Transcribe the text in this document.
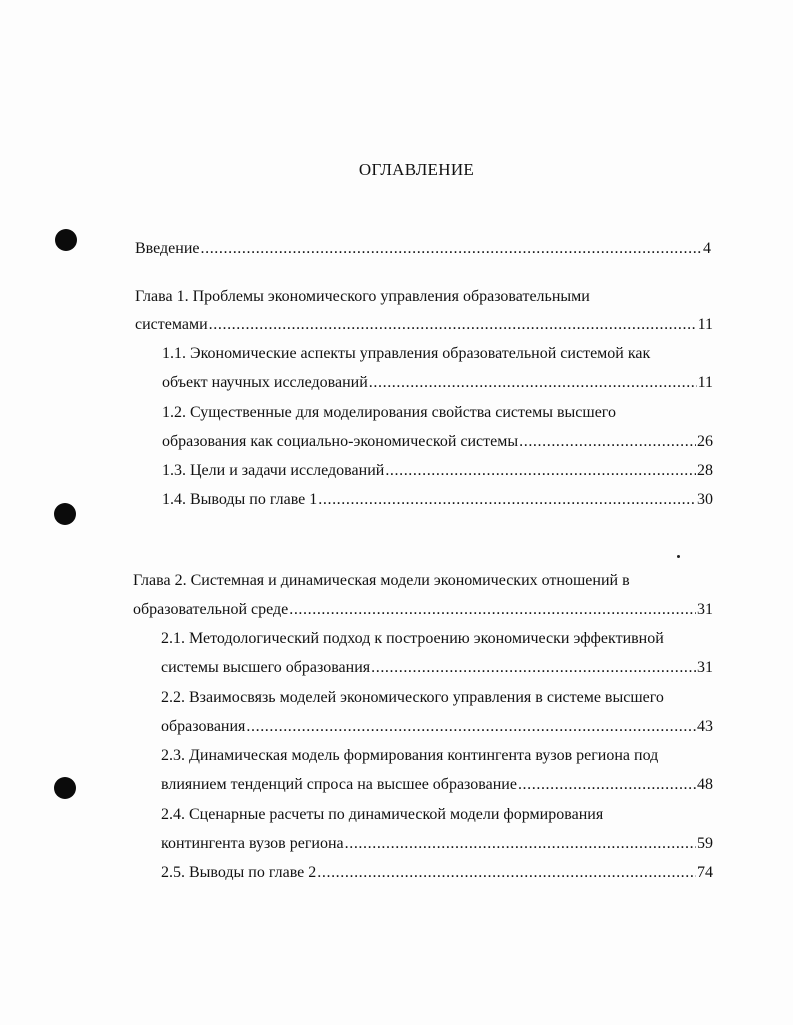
ОГЛАВЛЕНИЕ
Введение .....	4
Глава 1. Проблемы экономического управления образовательными
системами .....	11
1.1. Экономические аспекты управления образовательной системой как
объект научных исследований .....	11
1.2. Существенные для моделирования свойства системы высшего
образования как социально-экономической системы .....	26
1.3. Цели и задачи исследований .....	28
1.4. Выводы по главе 1 .....	30
Глава 2. Системная и динамическая модели экономических отношений в
образовательной среде .....	31
2.1. Методологический подход к построению экономически эффективной
системы высшего образования .....	31
2.2. Взаимосвязь моделей экономического управления в системе высшего
образования .....	43
2.3. Динамическая модель формирования контингента вузов региона под
влиянием тенденций спроса на высшее образование .....	48
2.4. Сценарные расчеты по динамической модели формирования
контингента вузов региона .....	59
2.5. Выводы по главе 2 .....	74
